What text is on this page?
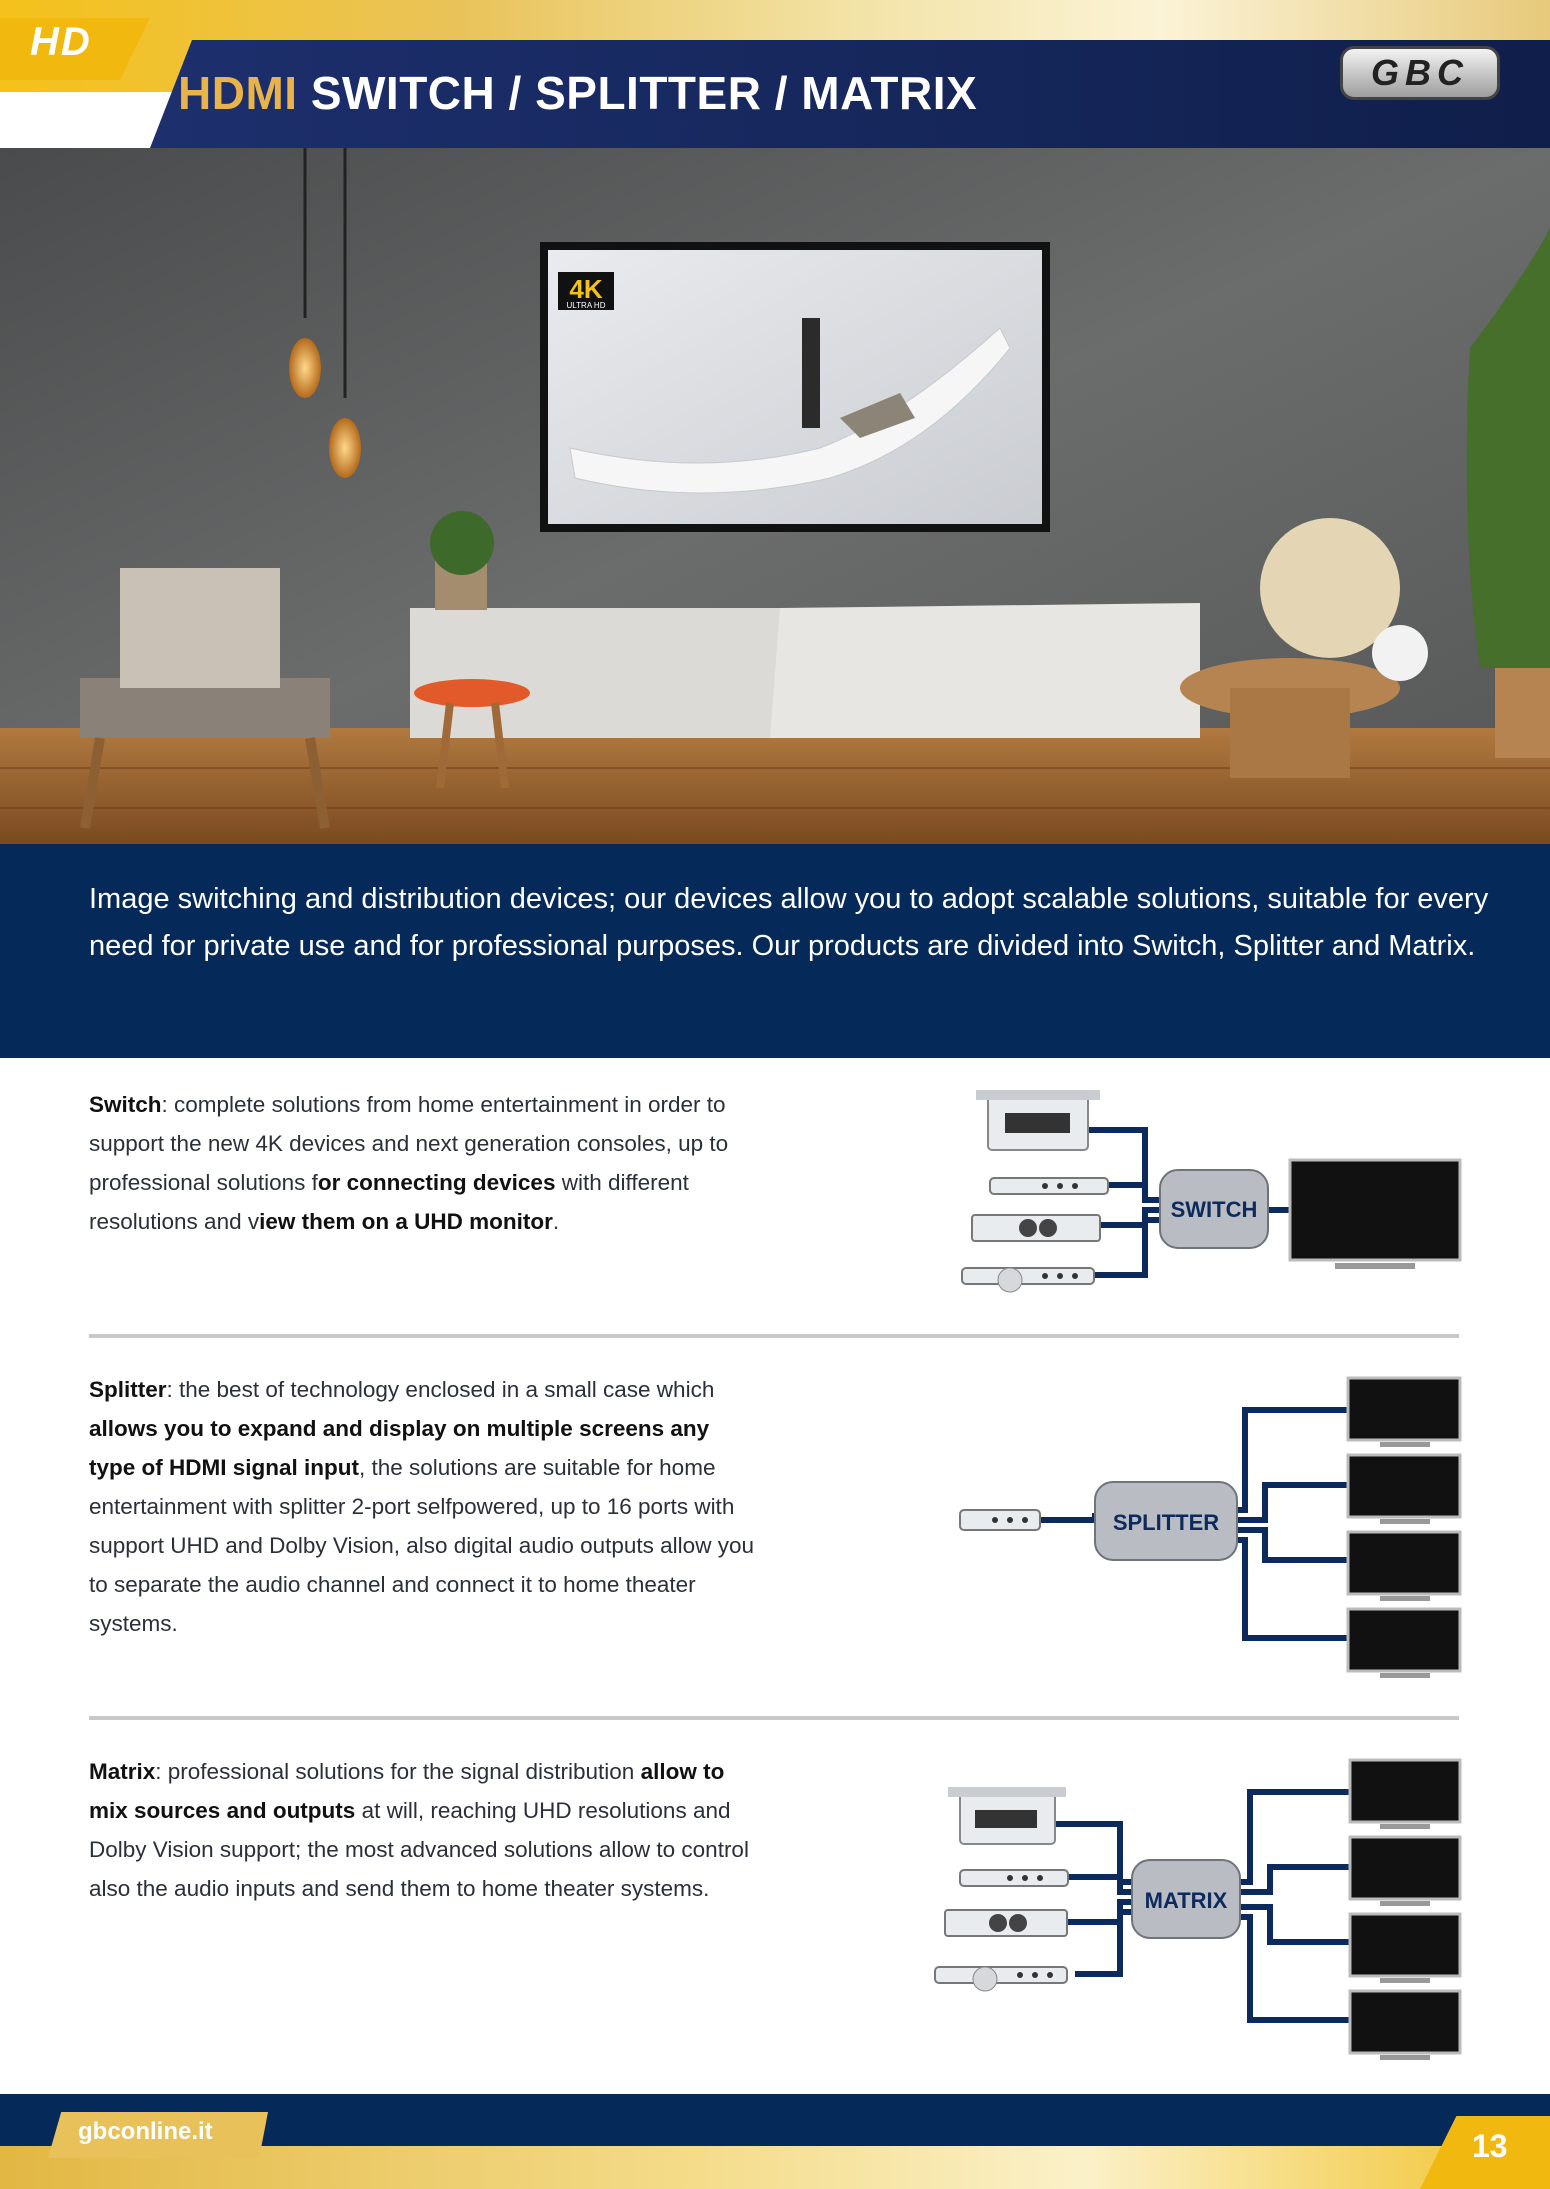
HD
HDMI SWITCH / SPLITTER / MATRIX	GBC
4K
ULTRA HD
Image switching and distribution devices; our devices allow you to adopt scalable solutions, suitable for every need for private use and for professional purposes. Our products are divided into Switch, Splitter and Matrix.
Switch: complete solutions from home entertainment in order to support the new 4K devices and next generation consoles, up to professional solutions for connecting devices with different resolutions and view them on a UHD monitor.	SWITCH
Splitter: the best of technology enclosed in a small case which allows you to expand and display on multiple screens any type of HDMI signal input, the solutions are suitable for home entertainment with splitter 2-port selfpowered, up to 16 ports with support UHD and Dolby Vision, also digital audio outputs allow you to separate the audio channel and connect it to home theater systems.
SPLITTER
Matrix: professional solutions for the signal distribution allow to mix sources and outputs at will, reaching UHD resolutions and Dolby Vision support; the most advanced solutions allow to control also the audio inputs and send them to home theater systems.	MATRIX
gbconline.it	13
